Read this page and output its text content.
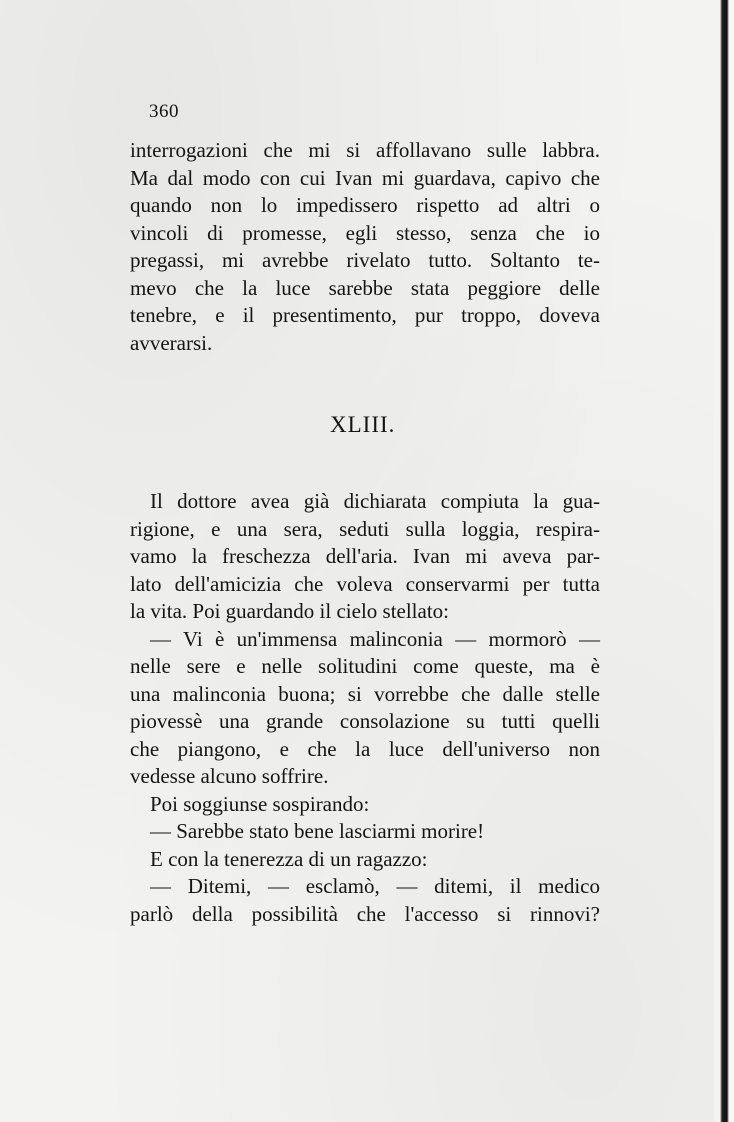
360
interrogazioni che mi si affollavano sulle labbra.
Ma dal modo con cui Ivan mi guardava, capivo che
quando non lo impedissero rispetto ad altri o
vincoli di promesse, egli stesso, senza che io
pregassi, mi avrebbe rivelato tutto. Soltanto te-
mevo che la luce sarebbe stata peggiore delle
tenebre, e il presentimento, pur troppo, doveva
avverarsi.
XLIII.
Il dottore avea già dichiarata compiuta la gua-
rigione, e una sera, seduti sulla loggia, respira-
vamo la freschezza dell'aria. Ivan mi aveva par-
lato dell'amicizia che voleva conservarmi per tutta
la vita. Poi guardando il cielo stellato:
— Vi è un'immensa malinconia — mormorò —
nelle sere e nelle solitudini come queste, ma è
una malinconia buona; si vorrebbe che dalle stelle
piovessè una grande consolazione su tutti quelli
che piangono, e che la luce dell'universo non
vedesse alcuno soffrire.
Poi soggiunse sospirando:
— Sarebbe stato bene lasciarmi morire!
E con la tenerezza di un ragazzo:
— Ditemi, — esclamò, — ditemi, il medico
parlò della possibilità che l'accesso si rinnovi?
